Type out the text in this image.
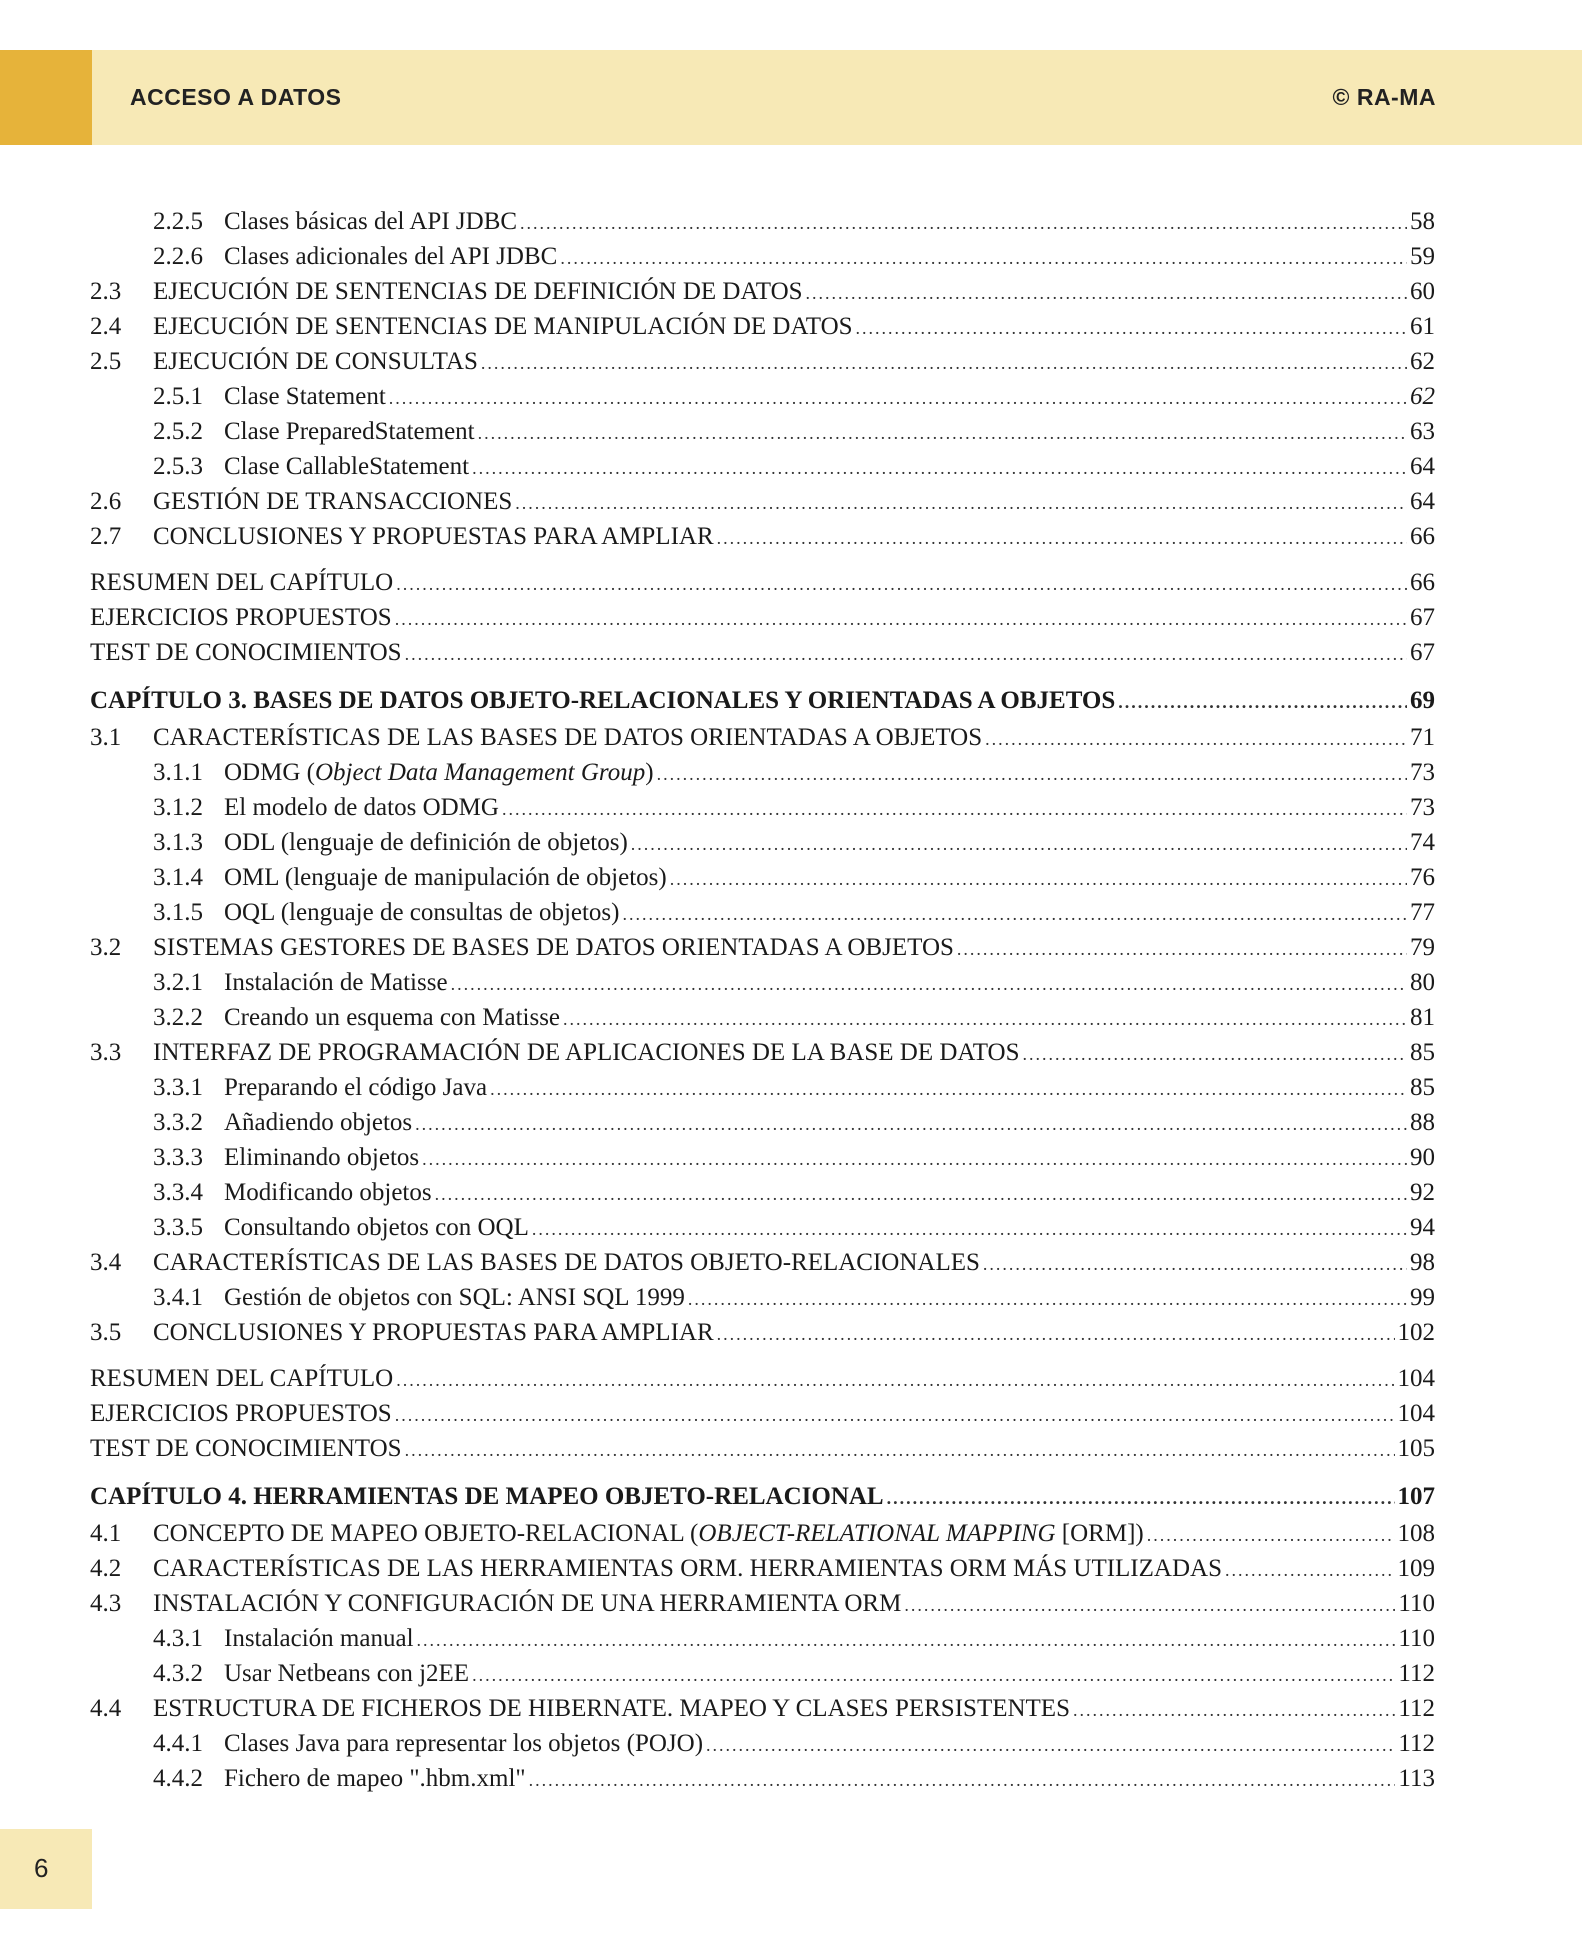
ACCESO A DATOS	© RA-MA
2.2.5 Clases básicas del API JDBC .....	58
2.2.6 Clases adicionales del API JDBC .....	59
2.3	EJECUCIÓN DE SENTENCIAS DE DEFINICIÓN DE DATOS .....	60
2.4	EJECUCIÓN DE SENTENCIAS DE MANIPULACIÓN DE DATOS .....	61
2.5	EJECUCIÓN DE CONSULTAS .....	62
2.5.1 Clase Statement .....	62
2.5.2 Clase PreparedStatement .....	63
2.5.3 Clase CallableStatement .....	64
2.6	GESTIÓN DE TRANSACCIONES .....	64
2.7	CONCLUSIONES Y PROPUESTAS PARA AMPLIAR .....	66
RESUMEN DEL CAPÍTULO .....	66
EJERCICIOS PROPUESTOS .....	67
TEST DE CONOCIMIENTOS .....	67
CAPÍTULO 3. BASES DE DATOS OBJETO-RELACIONALES Y ORIENTADAS A OBJETOS .....	69
3.1	CARACTERÍSTICAS DE LAS BASES DE DATOS ORIENTADAS A OBJETOS .....	71
3.1.1 ODMG (Object Data Management Group) .....	73
3.1.2 El modelo de datos ODMG .....	73
3.1.3 ODL (lenguaje de definición de objetos) .....	74
3.1.4 OML (lenguaje de manipulación de objetos) .....	76
3.1.5 OQL (lenguaje de consultas de objetos) .....	77
3.2	SISTEMAS GESTORES DE BASES DE DATOS ORIENTADAS A OBJETOS .....	79
3.2.1 Instalación de Matisse .....	80
3.2.2 Creando un esquema con Matisse .....	81
3.3	INTERFAZ DE PROGRAMACIÓN DE APLICACIONES DE LA BASE DE DATOS .....	85
3.3.1 Preparando el código Java .....	85
3.3.2 Añadiendo objetos .....	88
3.3.3 Eliminando objetos .....	90
3.3.4 Modificando objetos .....	92
3.3.5 Consultando objetos con OQL .....	94
3.4	CARACTERÍSTICAS DE LAS BASES DE DATOS OBJETO-RELACIONALES .....	98
3.4.1 Gestión de objetos con SQL: ANSI SQL 1999 .....	99
3.5	CONCLUSIONES Y PROPUESTAS PARA AMPLIAR .....	102
RESUMEN DEL CAPÍTULO .....	104
EJERCICIOS PROPUESTOS .....	104
TEST DE CONOCIMIENTOS .....	105
CAPÍTULO 4. HERRAMIENTAS DE MAPEO OBJETO-RELACIONAL .....	107
4.1	CONCEPTO DE MAPEO OBJETO-RELACIONAL (OBJECT-RELATIONAL MAPPING [ORM]) .....	108
4.2	CARACTERÍSTICAS DE LAS HERRAMIENTAS ORM. HERRAMIENTAS ORM MÁS UTILIZADAS .....	109
4.3	INSTALACIÓN Y CONFIGURACIÓN DE UNA HERRAMIENTA ORM .....	110
4.3.1 Instalación manual .....	110
4.3.2 Usar Netbeans con j2EE .....	112
4.4	ESTRUCTURA DE FICHEROS DE HIBERNATE. MAPEO Y CLASES PERSISTENTES .....	112
4.4.1 Clases Java para representar los objetos (POJO) .....	112
4.4.2 Fichero de mapeo ".hbm.xml" .....	113
6
